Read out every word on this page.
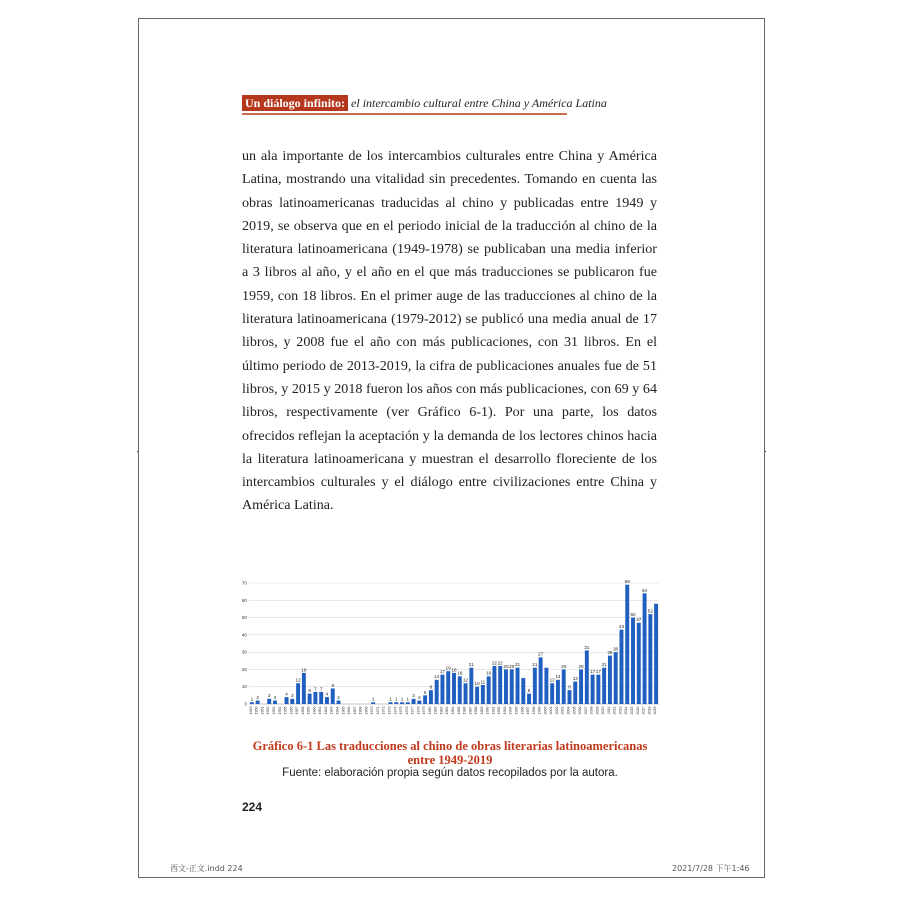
Un diálogo infinito: el intercambio cultural entre China y América Latina
un ala importante de los intercambios culturales entre China y América Latina, mostrando una vitalidad sin precedentes. Tomando en cuenta las obras latinoamericanas traducidas al chino y publicadas entre 1949 y 2019, se observa que en el periodo inicial de la traducción al chino de la literatura latinoamericana (1949-1978) se publicaban una media inferior a 3 libros al año, y el año en el que más traducciones se publicaron fue 1959, con 18 libros. En el primer auge de las traducciones al chino de la literatura latinoamericana (1979-2012) se publicó una media anual de 17 libros, y 2008 fue el año con más publicaciones, con 31 libros. En el último periodo de 2013-2019, la cifra de publicaciones anuales fue de 51 libros, y 2015 y 2018 fueron los años con más publicaciones, con 69 y 64 libros, respectivamente (ver Gráfico 6-1). Por una parte, los datos ofrecidos reflejan la aceptación y la demanda de los lectores chinos hacia la literatura latinoamericana y muestran el desarrollo floreciente de los intercambios culturales y el diálogo entre civilizaciones entre China y América Latina.
0
10
20
30
40
50
60
70
1
1949
2
1950 1951
3
1952
2
1953 1954
4
1955
3
1956
12
1957
18
1958
6
1959
7
1960
7
1961
4
1962
9
1963
2
1964 1965 1966 1967 1968 1969
1
1970 1971 1972
1
1973
1
1974
1
1975
1
1976
3
1977
2
1978
5
1979
8
1980
14
1981
17
1982
19
1983
18
1984
16
1985
12
1986
21
1987
10
1988
11
1989
16
1990
22
1991
22
1992
20
1993
20
1994
21
1995 1996
6
1997
21
1998
27
1999 2000
12
2001
14
2002
20
2003
8
2004
13
2005
20
2006
31
2007
17
2008
17
2009
21
2010
28
2011
30
2012
43
2013
69
2014
50
2015
47
2016
64
2017
52
2018 2019
Gráfico 6-1 Las traducciones al chino de obras literarias latinoamericanas entre 1949-2019
Fuente: elaboración propia según datos recopilados por la autora.
224
西文-正文.indd 224	2021/7/28 下午1:46
